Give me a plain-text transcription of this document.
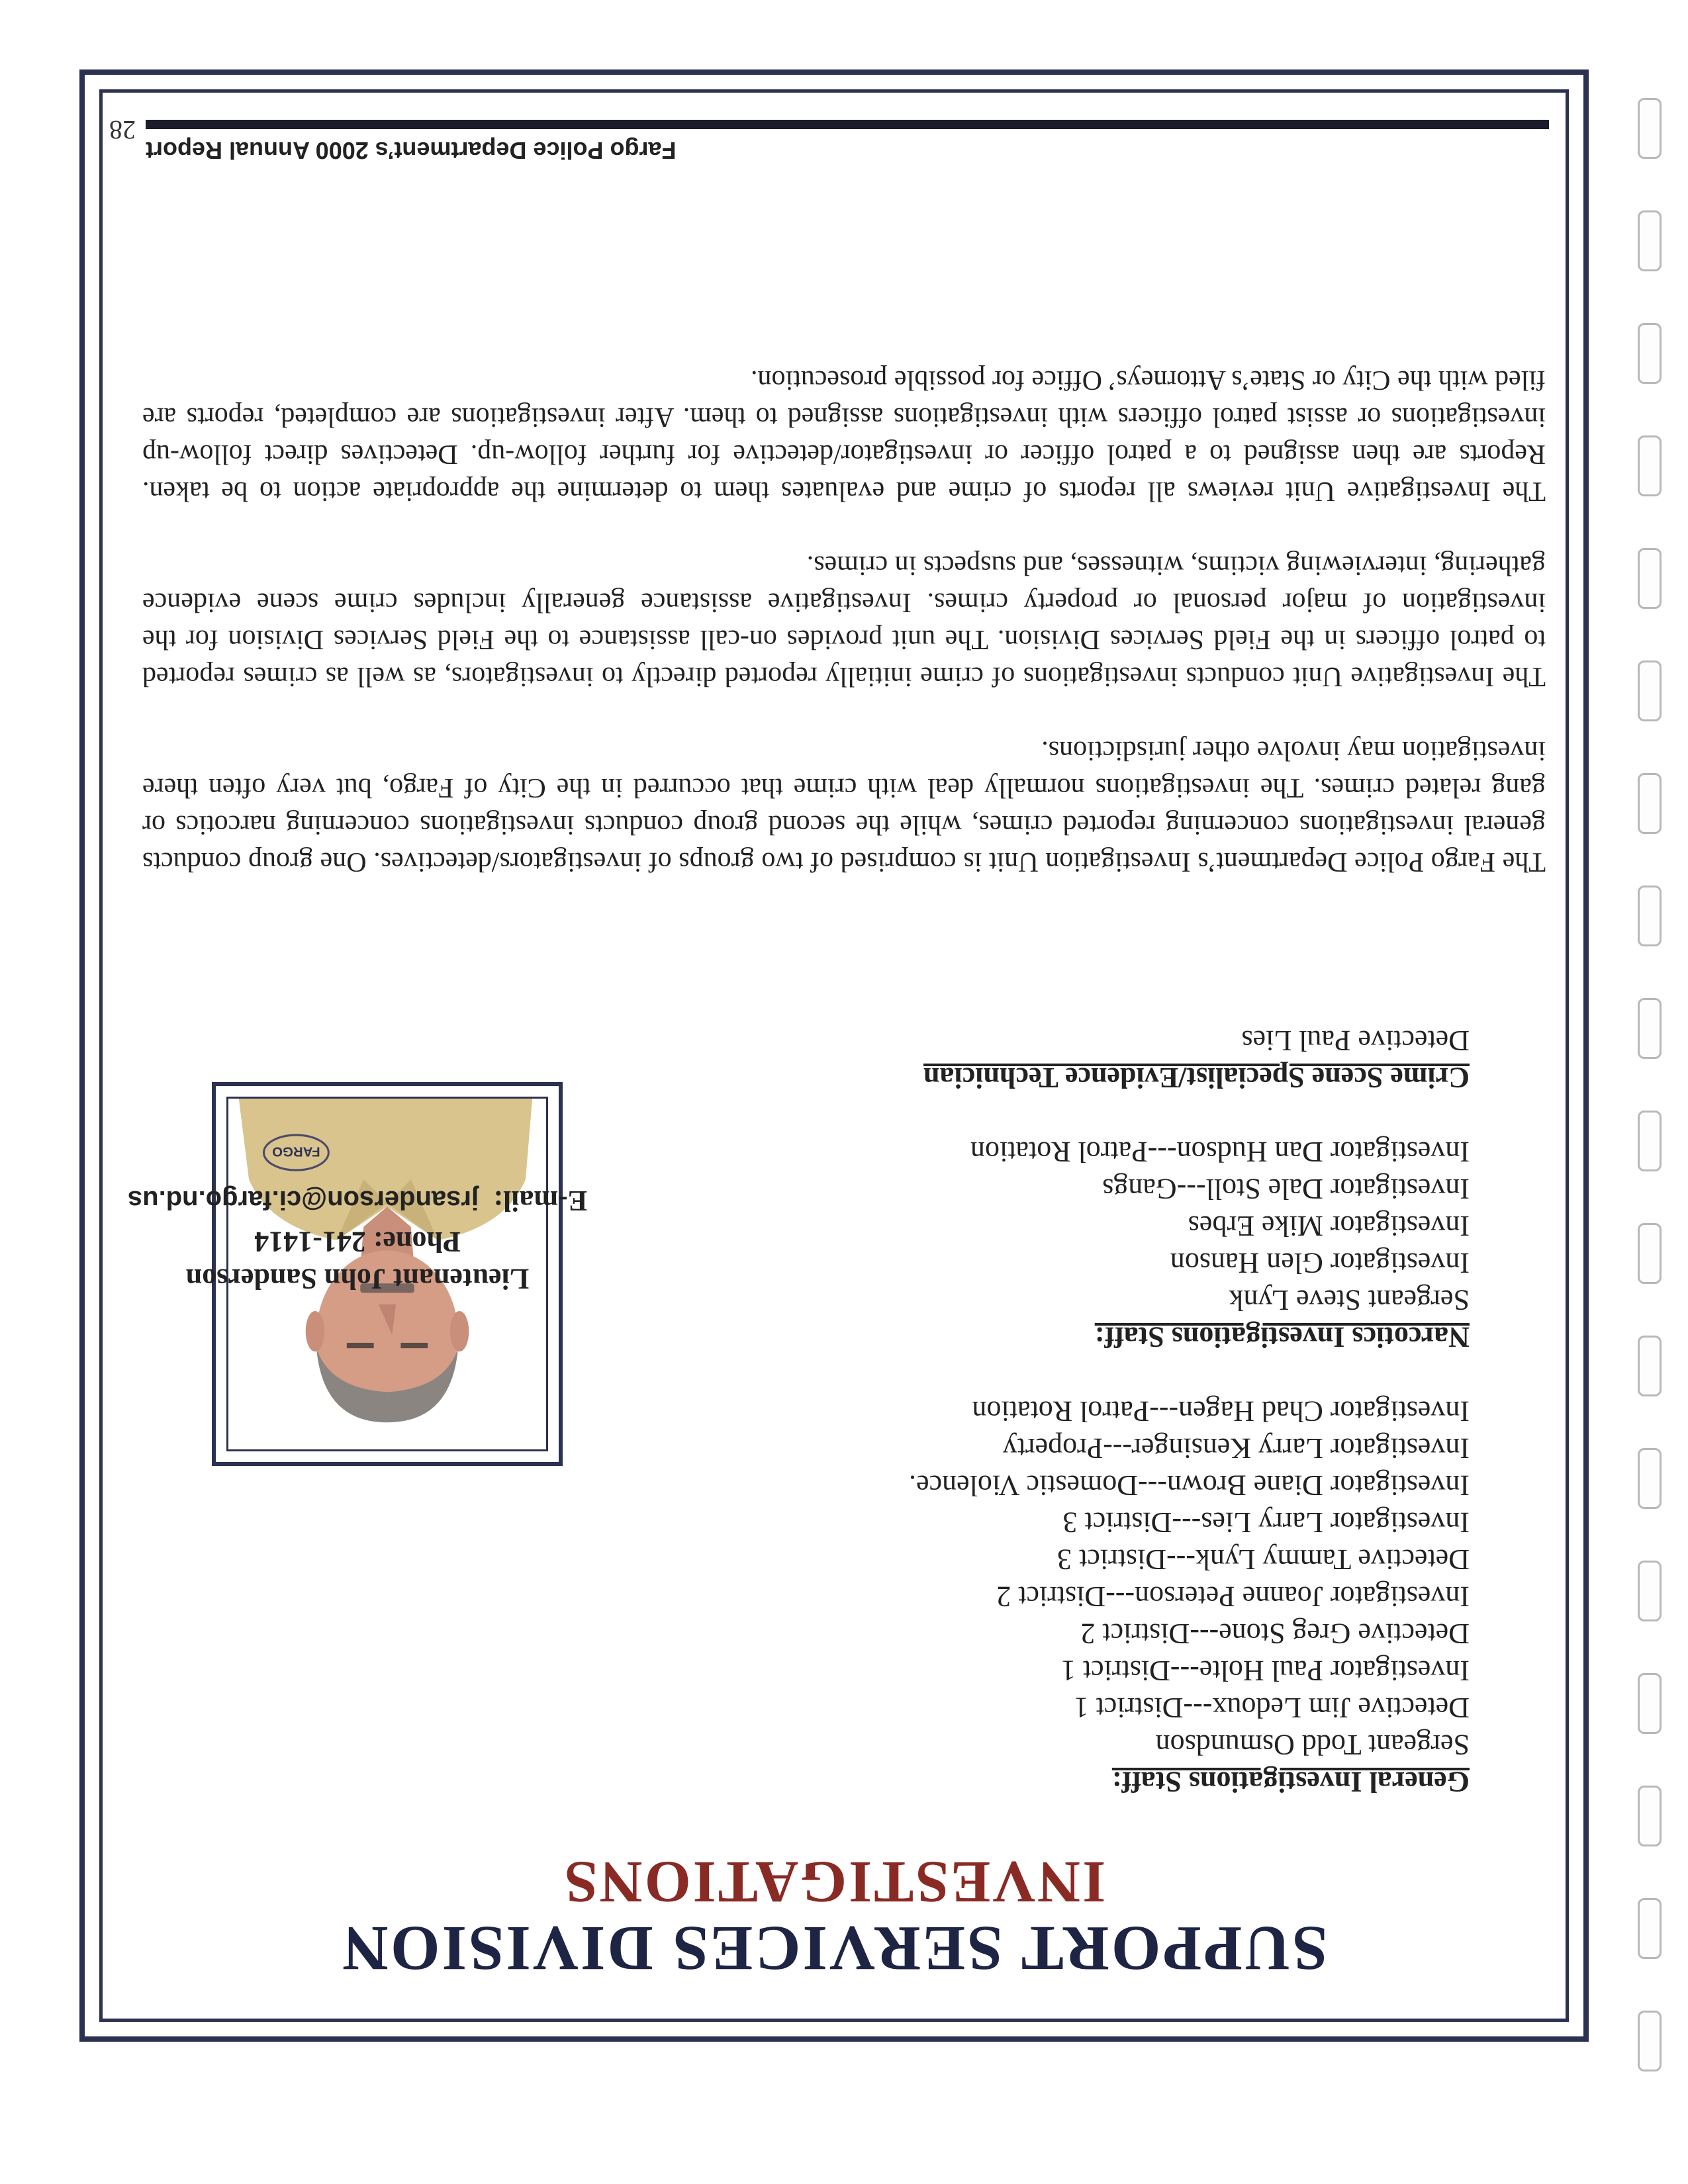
SUPPORT SERVICES DIVISION
INVESTIGATIONS
General Investigations Staff:
Sergeant Todd Osmundson
Detective Jim Ledoux---District 1
Investigator Paul Holte---District 1
Detective Greg Stone---District 2
Investigator Joanne Peterson---District 2
Detective Tammy Lynk---District 3
Investigator Larry Lies---District 3
Investigator Diane Brown---Domestic Violence.
Investigator Larry Kensinger---Property
Investigator Chad Hagen---Patrol Rotation
Narcotics Investigations Staff:
Sergeant Steve Lynk
Investigator Glen Hanson
Investigator Mike Erbes
Investigator Dale Stoll---Gangs
Investigator Dan Hudson---Patrol Rotation
Crime Scene Specialist/Evidence Technician
Detective Paul Lies
FARGO
Lieutenant John Sanderson
Phone: 241-1414
E-mail:  jrsanderson@ci.fargo.nd.us

The Fargo Police Department’s Investigation Unit is comprised of two groups of investigators/detectives. One group conducts general investigations concerning reported crimes, while the second group conducts investigations concerning narcotics or gang related crimes. The investigations normally deal with crime that occurred in the City of Fargo, but very often there investigation may involve other jurisdictions.

The Investigative Unit conducts investigations of crime initially reported directly to investigators, as well as crimes reported to patrol officers in the Field Services Division. The unit provides on-call assistance to the Field Services Division for the investigation of major personal or property crimes. Investigative assistance generally includes crime scene evidence gathering, interviewing victims, witnesses, and suspects in crimes.

The Investigative Unit reviews all reports of crime and evaluates them to determine the appropriate action to be taken. Reports are then assigned to a patrol officer or investigator/detective for further follow-up. Detectives direct follow-up investigations or assist patrol officers with investigations assigned to them. After investigations are completed, reports are filed with the City or State’s Attorneys’ Office for possible prosecution.

Fargo Police Department’s 2000 Annual Report
28
